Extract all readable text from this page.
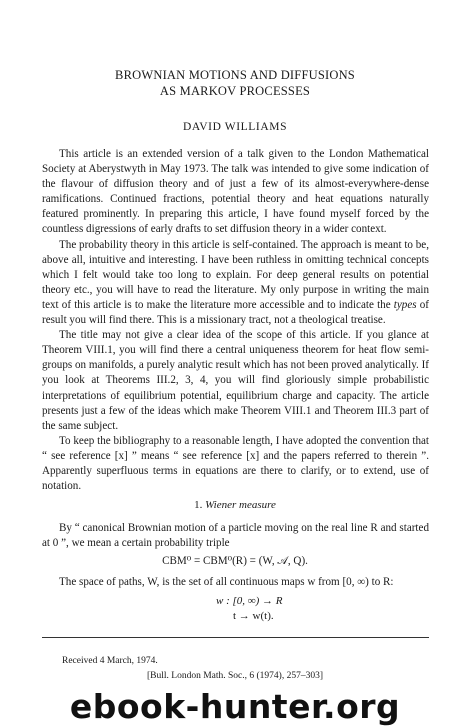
BROWNIAN MOTIONS AND DIFFUSIONS
AS MARKOV PROCESSES
DAVID WILLIAMS

This article is an extended version of a talk given to the London Mathematical Society at Aberystwyth in May 1973. The talk was intended to give some indication of the flavour of diffusion theory and of just a few of its almost-everywhere-dense ramifications. Continued fractions, potential theory and heat equations naturally featured prominently. In preparing this article, I have found myself forced by the countless digressions of early drafts to set diffusion theory in a wider context.

The probability theory in this article is self-contained. The approach is meant to be, above all, intuitive and interesting. I have been ruthless in omitting technical concepts which I felt would take too long to explain. For deep general results on potential theory etc., you will have to read the literature. My only purpose in writing the main text of this article is to make the literature more accessible and to indicate the types of result you will find there. This is a missionary tract, not a theological treatise.

The title may not give a clear idea of the scope of this article. If you glance at Theorem VIII.1, you will find there a central uniqueness theorem for heat flow semi-groups on manifolds, a purely analytic result which has not been proved analytically. If you look at Theorems III.2, 3, 4, you will find gloriously simple probabilistic interpretations of equilibrium potential, equilibrium charge and capacity. The article presents just a few of the ideas which make Theorem VIII.1 and Theorem III.3 part of the same subject.

To keep the bibliography to a reasonable length, I have adopted the convention that “ see reference [x] ” means “ see reference [x] and the papers referred to therein ”. Apparently superfluous terms in equations are there to clarify, or to extend, use of notation.

1. Wiener measure

By “ canonical Brownian motion of a particle moving on the real line R and started at 0 ”, we mean a certain probability triple

CBM⁰ = CBM⁰(R) = (W, 𝒜, Q).

The space of paths, W, is the set of all continuous maps w from [0, ∞) to R:

w : [0, ∞) → R
t → w(t).
Received 4 March, 1974.
[Bull. London Math. Soc., 6 (1974), 257–303]
ebook-hunter.org
